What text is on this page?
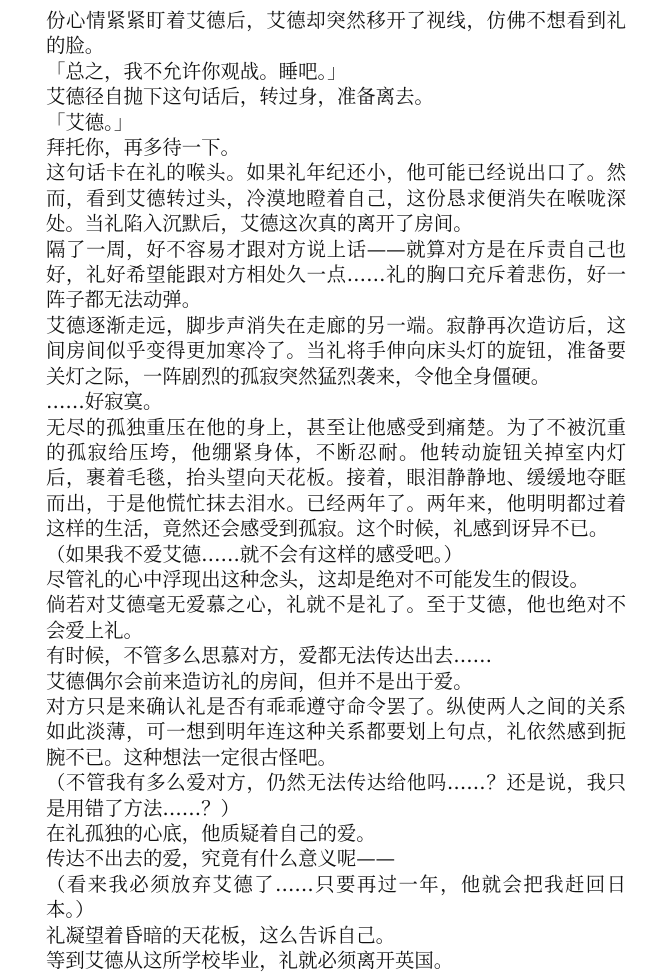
份心情紧紧盯着艾德后，艾德却突然移开了视线，仿佛不想看到礼的脸。

「总之，我不允许你观战。睡吧。」

艾德径自抛下这句话后，转过身，准备离去。

「艾德。」

拜托你，再多待一下。

这句话卡在礼的喉头。如果礼年纪还小，他可能已经说出口了。然而，看到艾德转过头，冷漠地瞪着自己，这份恳求便消失在喉咙深处。当礼陷入沉默后，艾德这次真的离开了房间。

隔了一周，好不容易才跟对方说上话——就算对方是在斥责自己也好，礼好希望能跟对方相处久一点……礼的胸口充斥着悲伤，好一阵子都无法动弹。

艾德逐渐走远，脚步声消失在走廊的另一端。寂静再次造访后，这间房间似乎变得更加寒冷了。当礼将手伸向床头灯的旋钮，准备要关灯之际，一阵剧烈的孤寂突然猛烈袭来，令他全身僵硬。

……好寂寞。

无尽的孤独重压在他的身上，甚至让他感受到痛楚。为了不被沉重的孤寂给压垮，他绷紧身体，不断忍耐。他转动旋钮关掉室内灯后，裹着毛毯，抬头望向天花板。接着，眼泪静静地、缓缓地夺眶而出，于是他慌忙抹去泪水。已经两年了。两年来，他明明都过着这样的生活，竟然还会感受到孤寂。这个时候，礼感到讶异不已。

（如果我不爱艾德……就不会有这样的感受吧。）

尽管礼的心中浮现出这种念头，这却是绝对不可能发生的假设。

倘若对艾德毫无爱慕之心，礼就不是礼了。至于艾德，他也绝对不会爱上礼。

有时候，不管多么思慕对方，爱都无法传达出去……

艾德偶尔会前来造访礼的房间，但并不是出于爱。

对方只是来确认礼是否有乖乖遵守命令罢了。纵使两人之间的关系如此淡薄，可一想到明年连这种关系都要划上句点，礼依然感到扼腕不已。这种想法一定很古怪吧。

（不管我有多么爱对方，仍然无法传达给他吗……？还是说，我只是用错了方法……？）

在礼孤独的心底，他质疑着自己的爱。

传达不出去的爱，究竟有什么意义呢——

（看来我必须放弃艾德了……只要再过一年，他就会把我赶回日本。）

礼凝望着昏暗的天花板，这么告诉自己。

等到艾德从这所学校毕业，礼就必须离开英国。
